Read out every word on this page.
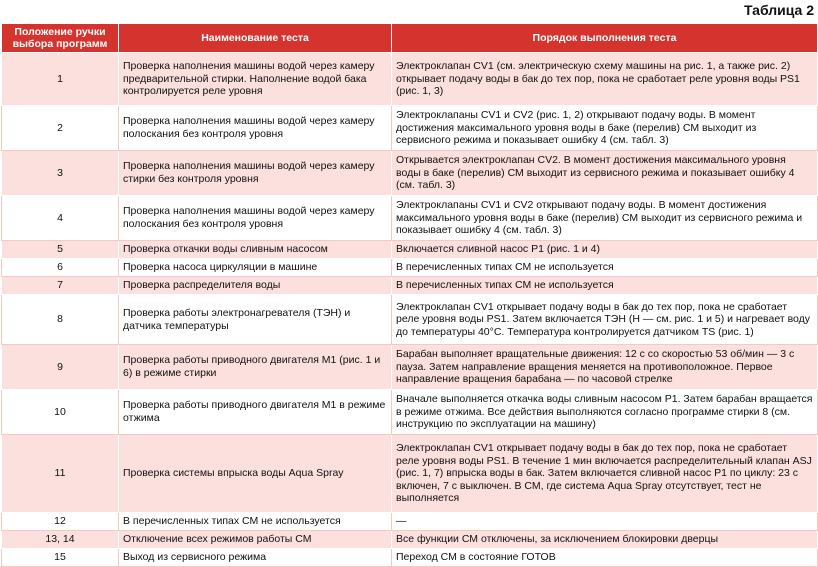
Таблица 2
Положение ручки выбора программ	Наименование теста	Порядок выполнения теста
1	Проверка наполнения машины водой через камеру предварительной стирки. Наполнение водой бака контролируется реле уровня	Электроклапан CV1 (см. электрическую схему машины на рис. 1, а также рис. 2) открывает подачу воды в бак до тех пор, пока не сработает реле уровня воды PS1 (рис. 1, 3)
2	Проверка наполнения машины водой через камеру полоскания без контроля уровня	Электроклапаны CV1 и CV2 (рис. 1, 2) открывают подачу воды. В момент достижения максимального уровня воды в баке (перелив) СМ выходит из сервисного режима и показывает ошибку 4 (см. табл. 3)
3	Проверка наполнения машины водой через камеру стирки без контроля уровня	Открывается электроклапан CV2. В момент достижения максимального уровня воды в баке (перелив) СМ выходит из сервисного режима и показывает ошибку 4 (см. табл. 3)
4	Проверка наполнения машины водой через камеру полоскания без контроля уровня	Электроклапаны CV1 и CV2 открывают подачу воды. В момент достижения максимального уровня воды в баке (перелив) СМ выходит из сервисного режима и показывает ошибку 4 (см. табл. 3)
5	Проверка откачки воды сливным насосом	Включается сливной насос P1 (рис. 1 и 4)
6	Проверка насоса циркуляции в машине	В перечисленных типах СМ не используется
7	Проверка распределителя воды	В перечисленных типах СМ не используется
8	Проверка работы электронагревателя (ТЭН) и датчика температуры	Электроклапан CV1 открывает подачу воды в бак до тех пор, пока не сработает реле уровня воды PS1. Затем включается ТЭН (H — см. рис. 1 и 5) и нагревает воду до температуры 40°С. Температура контролируется датчиком TS (рис. 1)
9	Проверка работы приводного двигателя M1 (рис. 1 и 6) в режиме стирки	Барабан выполняет вращательные движения: 12 с со скоростью 53 об/мин — 3 с пауза. Затем направление вращения меняется на противоположное. Первое направление вращения барабана — по часовой стрелке
10	Проверка работы приводного двигателя M1 в режиме отжима	Вначале выполняется откачка воды сливным насосом P1. Затем барабан вращается в режиме отжима. Все действия выполняются согласно программе стирки 8 (см. инструкцию по эксплуатации на машину)
11	Проверка системы впрыска воды Aqua Spray	Электроклапан CV1 открывает подачу воды в бак до тех пор, пока не сработает реле уровня воды PS1. В течение 1 мин включается распределительный клапан ASJ (рис. 1, 7) впрыска воды в бак. Затем включается сливной насос P1 по циклу: 23 с включен, 7 с выключен. В СМ, где система Aqua Spray отсутствует, тест не выполняется
12	В перечисленных типах СМ не используется	—
13, 14	Отключение всех режимов работы СМ	Все функции СМ отключены, за исключением блокировки дверцы
15	Выход из сервисного режима	Переход СМ в состояние ГОТОВ
